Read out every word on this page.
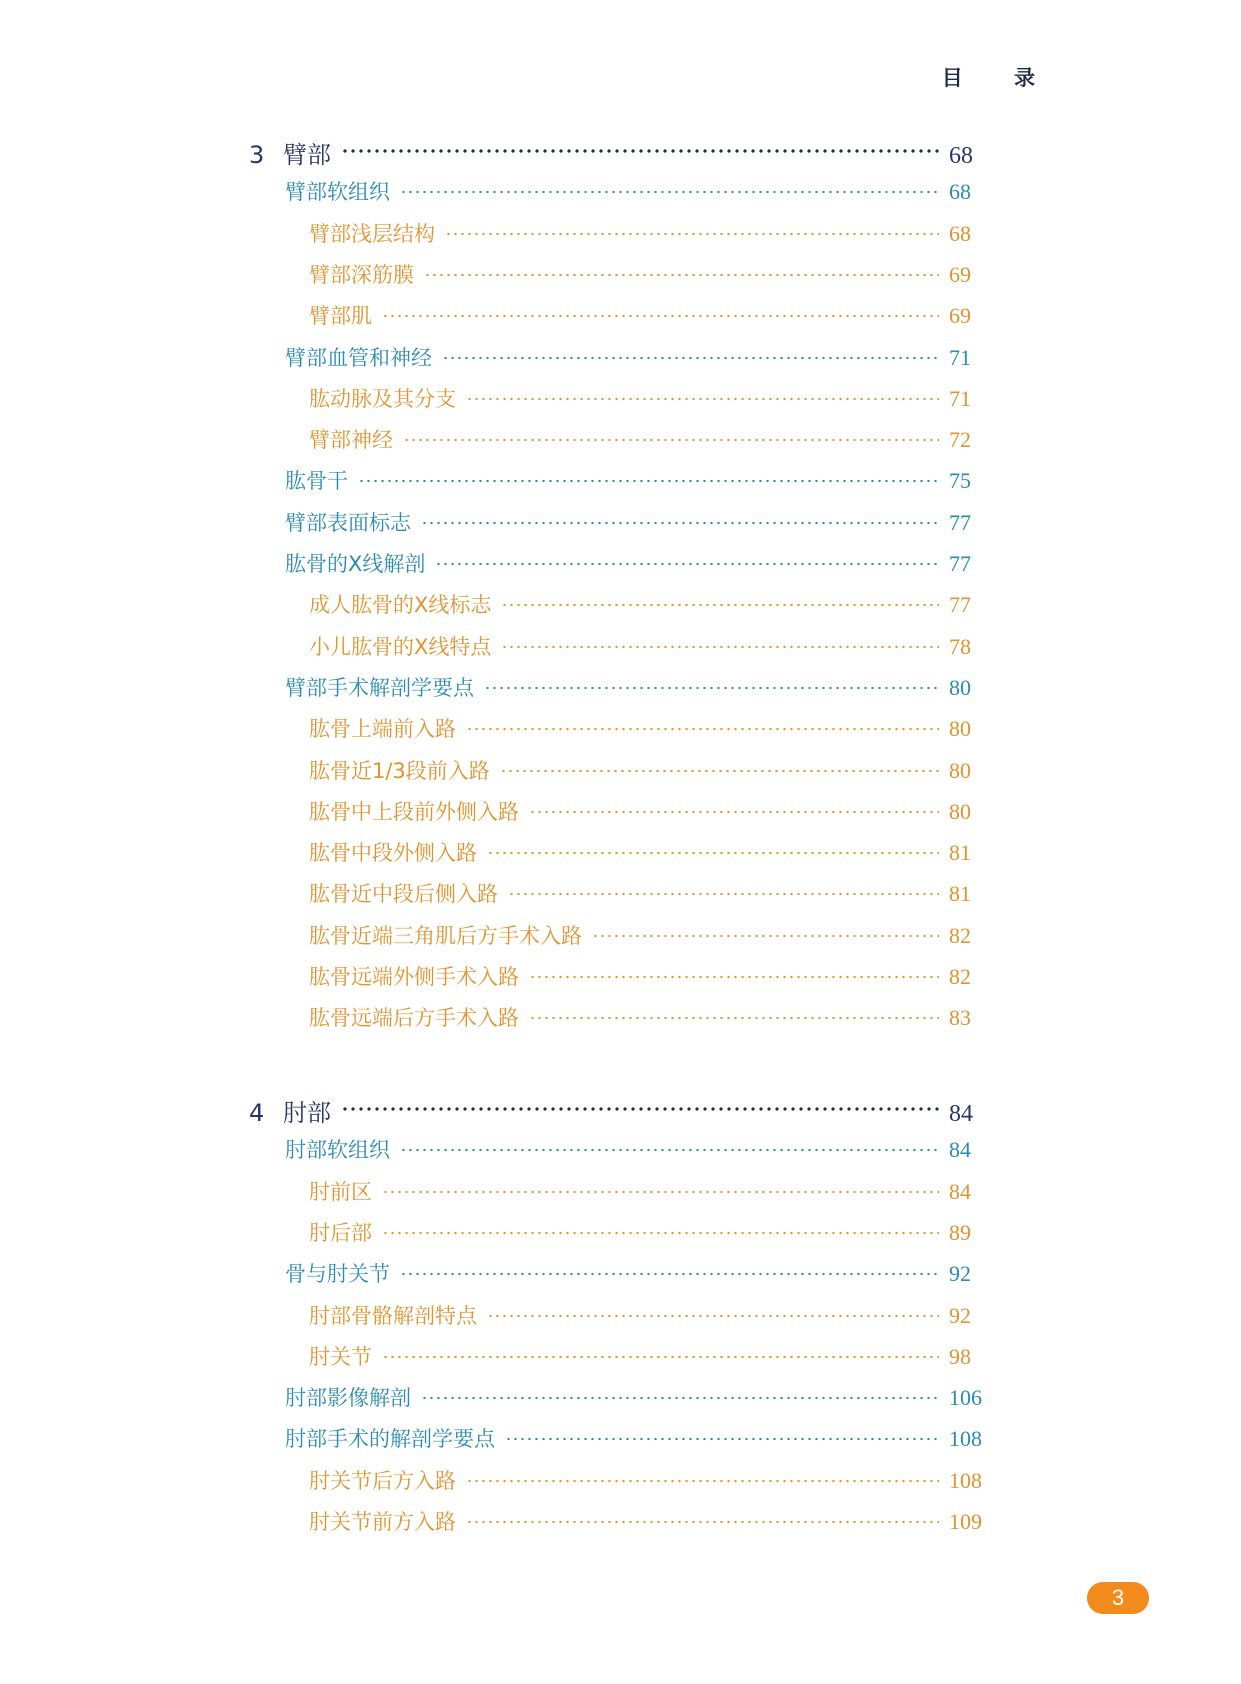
目 录
3 臂部	68
臂部软组织	68
臂部浅层结构	68
臂部深筋膜	69
臂部肌	69
臂部血管和神经	71
肱动脉及其分支	71
臂部神经	72
肱骨干	75
臂部表面标志	77
肱骨的X线解剖	77
成人肱骨的X线标志	77
小儿肱骨的X线特点	78
臂部手术解剖学要点	80
肱骨上端前入路	80
肱骨近1/3段前入路	80
肱骨中上段前外侧入路	80
肱骨中段外侧入路	81
肱骨近中段后侧入路	81
肱骨近端三角肌后方手术入路	82
肱骨远端外侧手术入路	82
肱骨远端后方手术入路	83
4 肘部	84
肘部软组织	84
肘前区	84
肘后部	89
骨与肘关节	92
肘部骨骼解剖特点	92
肘关节	98
肘部影像解剖	106
肘部手术的解剖学要点	108
肘关节后方入路	108
肘关节前方入路	109
3
